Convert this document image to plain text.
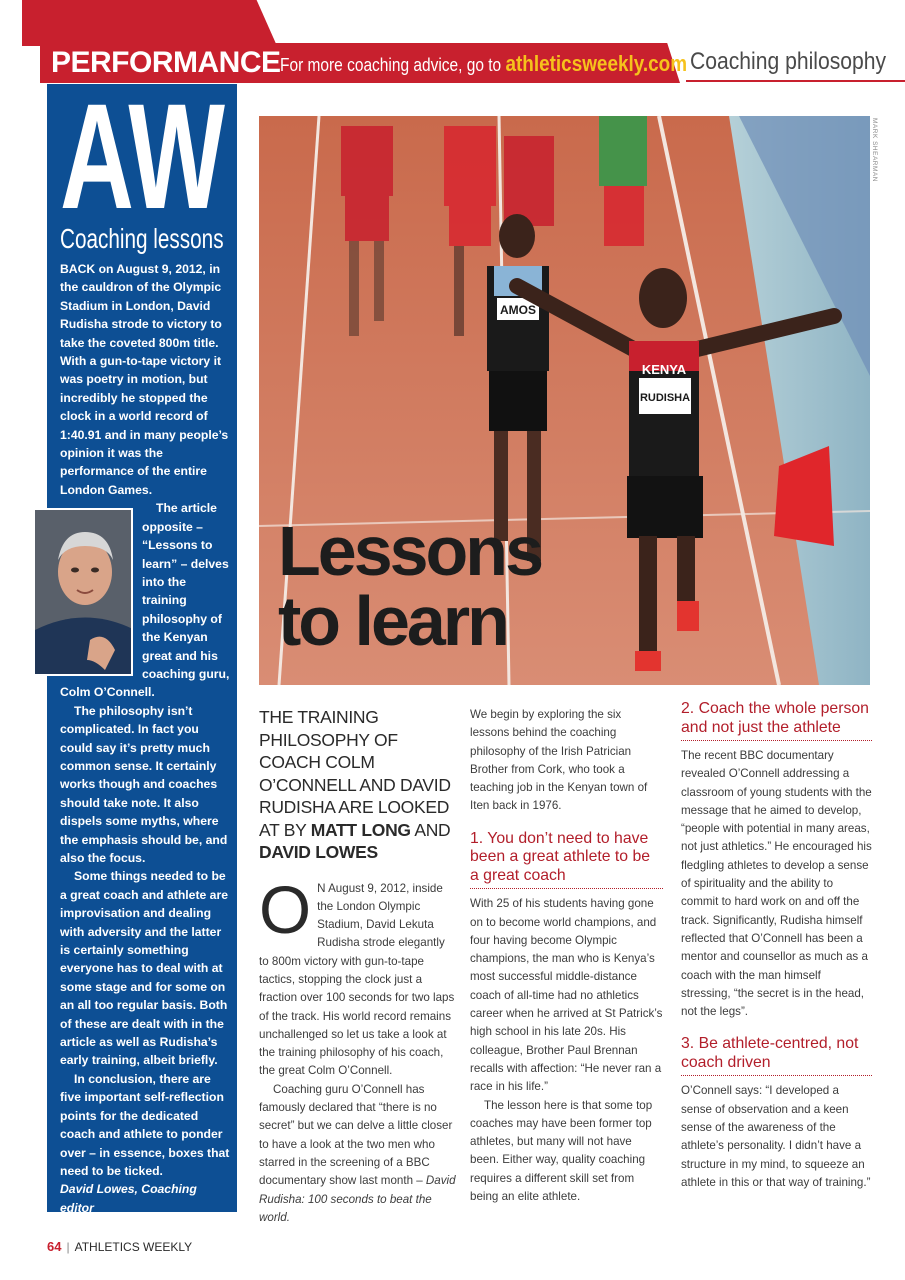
PERFORMANCE For more coaching advice, go to athleticsweekly.com Coaching philosophy
AW
Coaching lessons

BACK on August 9, 2012, in the cauldron of the Olympic Stadium in London, David Rudisha strode to victory to take the coveted 800m title. With a gun-to-tape victory it was poetry in motion, but incredibly he stopped the clock in a world record of 1:40.91 and in many people’s opinion it was the performance of the entire London Games.

The article opposite – “Lessons to learn” – delves into the training philosophy of the Kenyan great and his coaching guru, Colm O’Connell.

The philosophy isn’t complicated. In fact you could say it’s pretty much common sense. It certainly works though and coaches should take note. It also dispels some myths, where the emphasis should be, and also the focus.

Some things needed to be a great coach and athlete are improvisation and dealing with adversity and the latter is certainly something everyone has to deal with at some stage and for some on an all too regular basis. Both of these are dealt with in the article as well as Rudisha’s early training, albeit briefly.

In conclusion, there are five important self-reflection points for the dedicated coach and athlete to ponder over – in essence, boxes that need to be ticked.

David Lowes, Coaching editor

AMOS
KENYA
RUDISHA
MARK SHEARMAN
Lessons
to learn
THE TRAINING PHILOSOPHY OF COACH COLM O’CONNELL AND DAVID RUDISHA ARE LOOKED AT BY MATT LONG AND DAVID LOWES

O N August 9, 2012, inside the London Olympic Stadium, David Lekuta Rudisha strode elegantly to 800m victory with gun-to-tape tactics, stopping the clock just a fraction over 100 seconds for two laps of the track. His world record remains unchallenged so let us take a look at the training philosophy of his coach, the great Colm O’Connell.

Coaching guru O’Connell has famously declared that “there is no secret” but we can delve a little closer to have a look at the two men who starred in the screening of a BBC documentary show last month – David Rudisha: 100 seconds to beat the world.

We begin by exploring the six lessons behind the coaching philosophy of the Irish Patrician Brother from Cork, who took a teaching job in the Kenyan town of Iten back in 1976.

1. You don’t need to have been a great athlete to be a great coach

With 25 of his students having gone on to become world champions, and four having become Olympic champions, the man who is Kenya’s most successful middle-distance coach of all-time had no athletics career when he arrived at St Patrick’s high school in his late 20s. His colleague, Brother Paul Brennan recalls with affection: “He never ran a race in his life.”

The lesson here is that some top coaches may have been former top athletes, but many will not have been. Either way, quality coaching requires a different skill set from being an elite athlete.

2. Coach the whole person and not just the athlete

The recent BBC documentary revealed O’Connell addressing a classroom of young students with the message that he aimed to develop, “people with potential in many areas, not just athletics.” He encouraged his fledgling athletes to develop a sense of spirituality and the ability to commit to hard work on and off the track. Significantly, Rudisha himself reflected that O’Connell has been a mentor and counsellor as much as a coach with the man himself stressing, “the secret is in the head, not the legs”.

3. Be athlete-centred, not coach driven

O’Connell says: “I developed a sense of observation and a keen sense of the awareness of the athlete’s personality. I didn’t have a structure in my mind, to squeeze an athlete in this or that way of training.”

64 | ATHLETICS WEEKLY
